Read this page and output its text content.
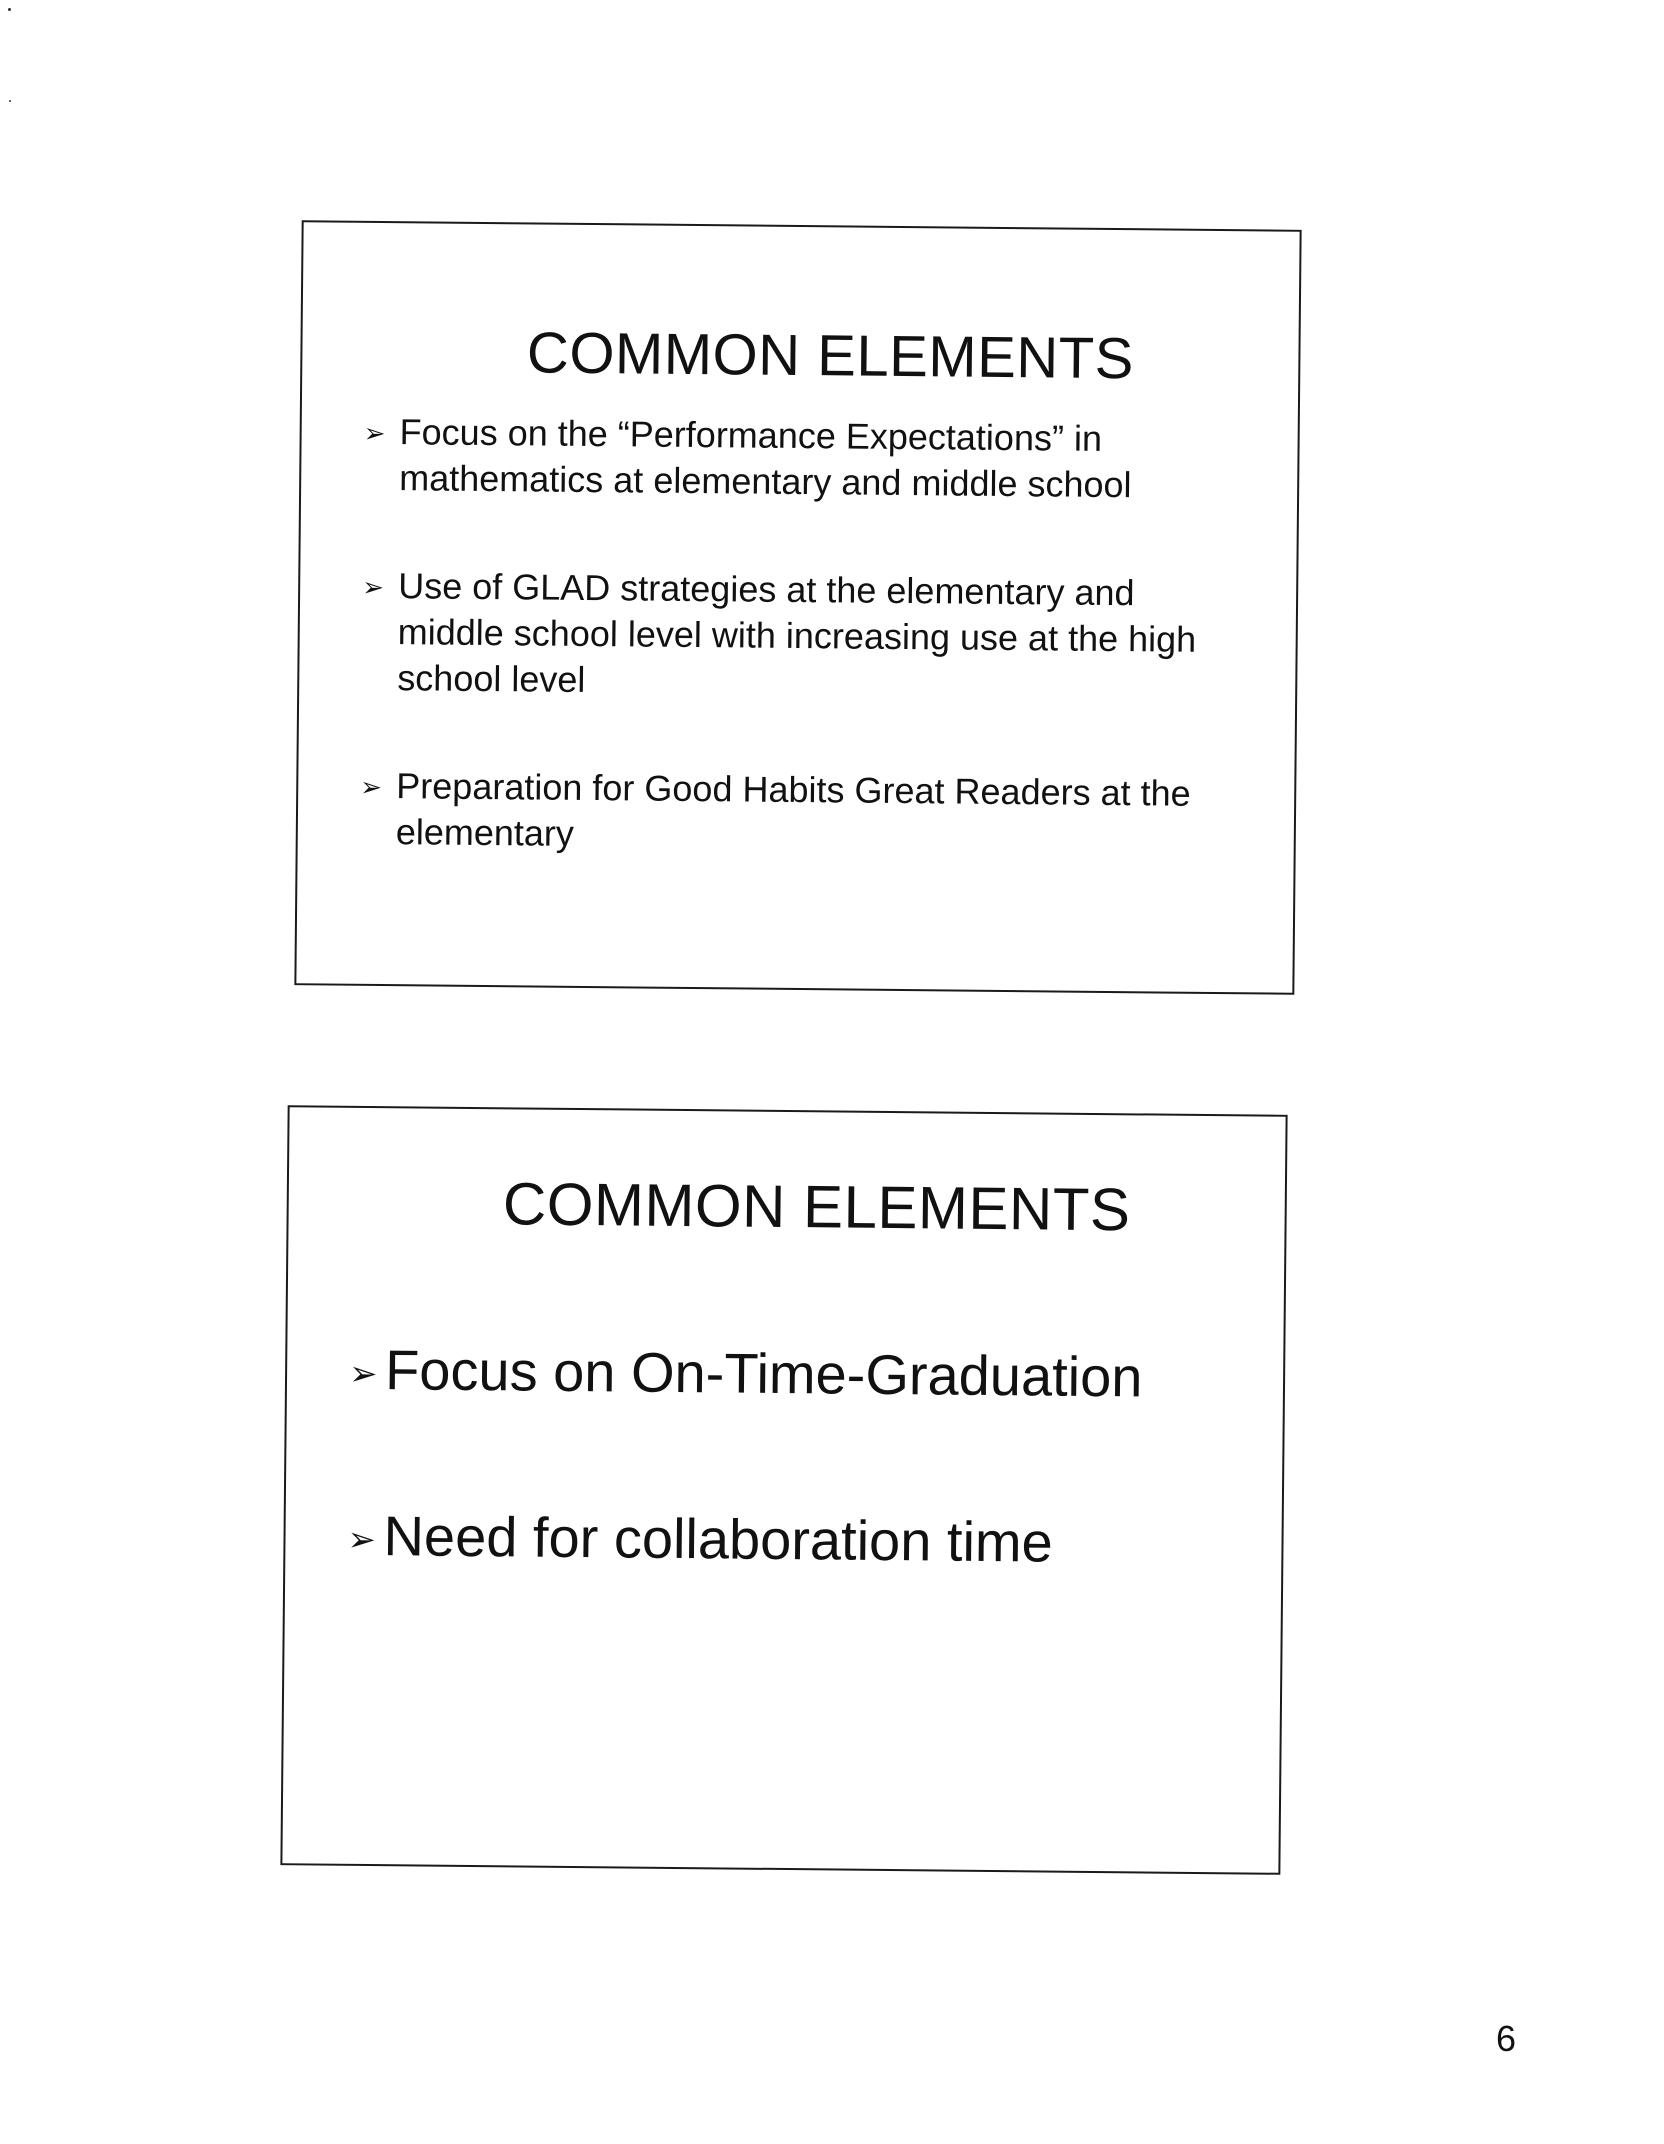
COMMON ELEMENTS
➢ Focus on the “Performance Expectations” in mathematics at elementary and middle school
➢ Use of GLAD strategies at the elementary and middle school level with increasing use at the high school level
➢ Preparation for Good Habits Great Readers at the elementary
COMMON ELEMENTS
➢ Focus on On-Time-Graduation
➢ Need for collaboration time
6
